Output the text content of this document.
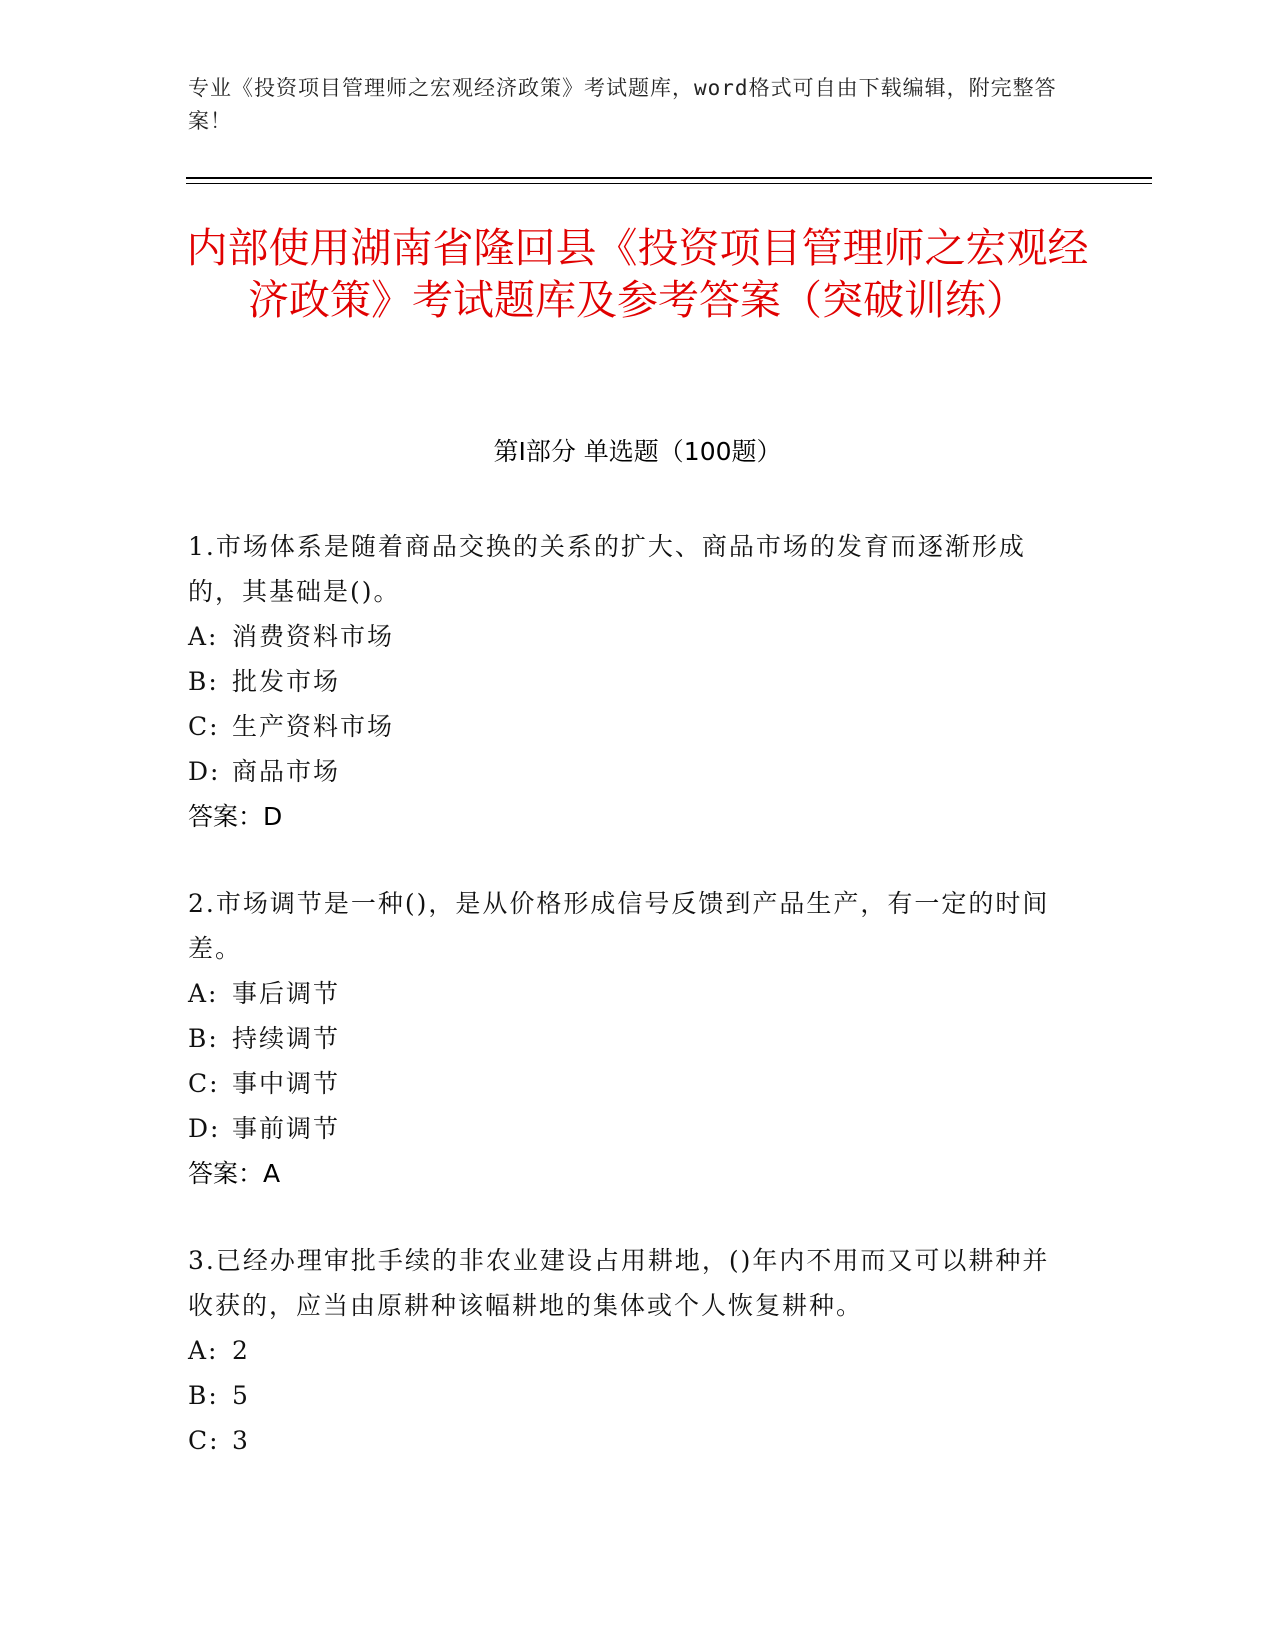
专业《投资项目管理师之宏观经济政策》考试题库，word格式可自由下载编辑，附完整答案！
内部使用湖南省隆回县《投资项目管理师之宏观经济政策》考试题库及参考答案（突破训练）
第I部分 单选题（100题）

1.市场体系是随着商品交换的关系的扩大、商品市场的发育而逐渐形成的，其基础是()。

A: 消费资料市场

B: 批发市场

C: 生产资料市场

D: 商品市场

答案：D

2.市场调节是一种()，是从价格形成信号反馈到产品生产，有一定的时间差。

A: 事后调节

B: 持续调节

C: 事中调节

D: 事前调节

答案：A

3.已经办理审批手续的非农业建设占用耕地，()年内不用而又可以耕种并收获的，应当由原耕种该幅耕地的集体或个人恢复耕种。

A: 2

B: 5

C: 3
